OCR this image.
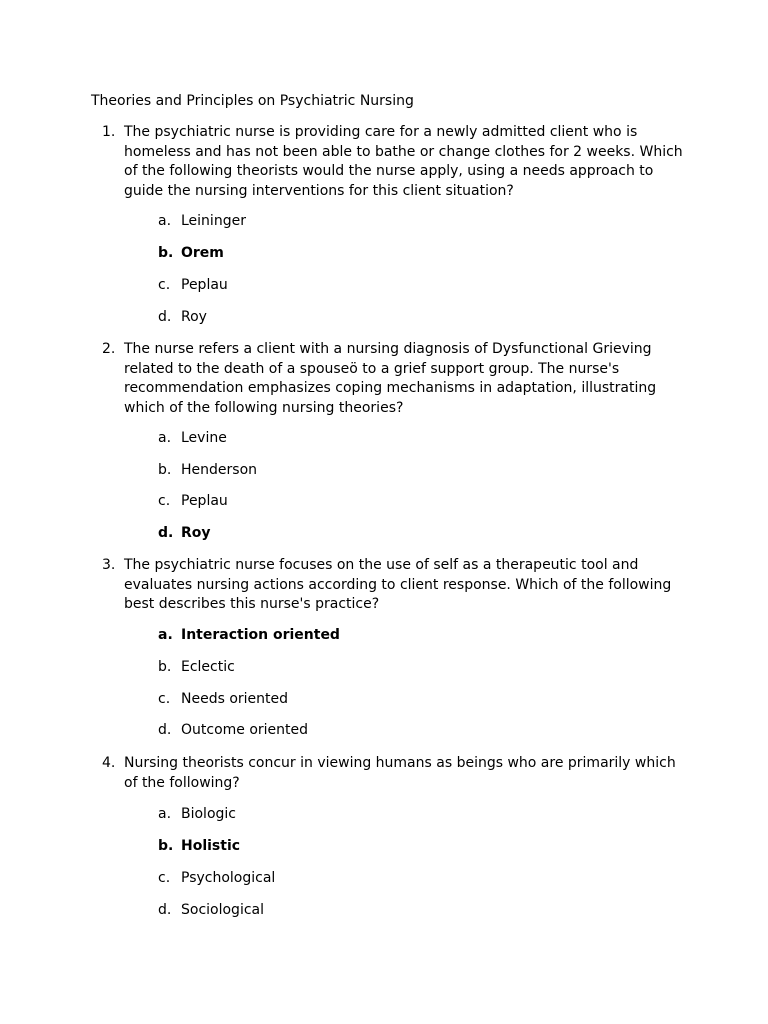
Theories and Principles on Psychiatric Nursing
1. The psychiatric nurse is providing care for a newly admitted client who is homeless and has not been able to bathe or change clothes for 2 weeks. Which of the following theorists would the nurse apply, using a needs approach to guide the nursing interventions for this client situation?
a. Leininger
b. Orem
c. Peplau
d. Roy
2. The nurse refers a client with a nursing diagnosis of Dysfunctional Grieving related to the death of a spouseö to a grief support group. The nurse's recommendation emphasizes coping mechanisms in adaptation, illustrating which of the following nursing theories?
a. Levine
b. Henderson
c. Peplau
d. Roy
3. The psychiatric nurse focuses on the use of self as a therapeutic tool and evaluates nursing actions according to client response. Which of the following best describes this nurse's practice?
a. Interaction oriented
b. Eclectic
c. Needs oriented
d. Outcome oriented
4. Nursing theorists concur in viewing humans as beings who are primarily which of the following?
a. Biologic
b. Holistic
c. Psychological
d. Sociological
